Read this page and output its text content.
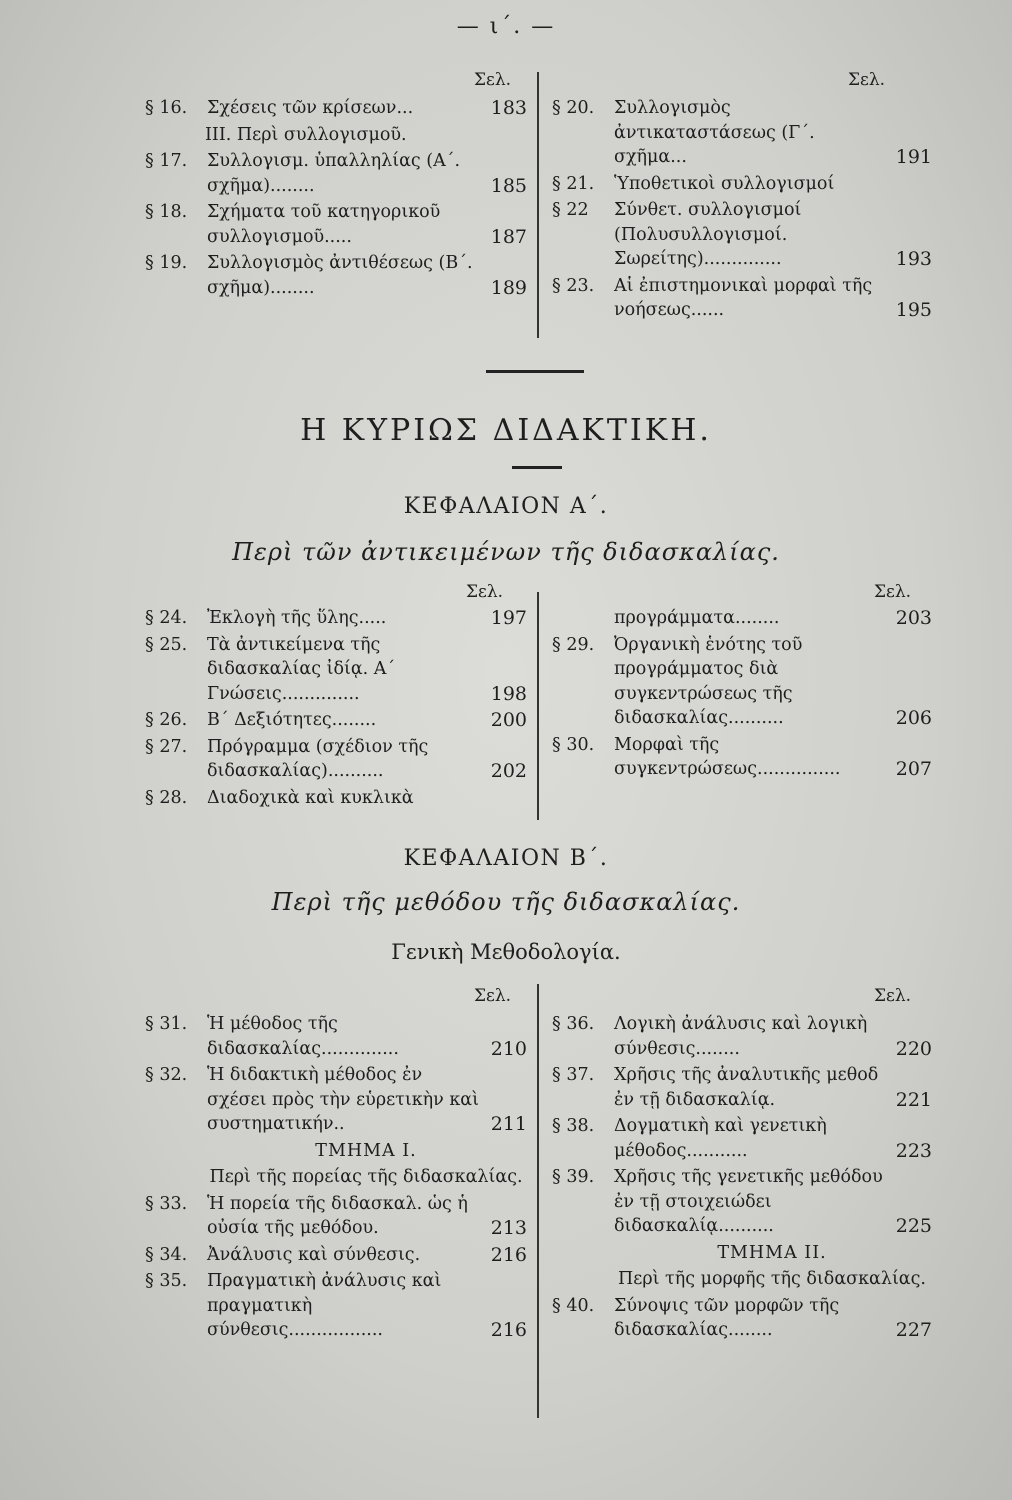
— ι΄. —
Σελ.	Σελ.
§ 16.	Σχέσεις τῶν κρίσεων...	183
III. Περὶ συλλογισμοῦ.
§ 17.	Συλλογισμ. ὑπαλληλίας (Α΄. σχῆμα)........	185
§ 18.	Σχήματα τοῦ κατηγορικοῦ συλλογισμοῦ.....	187
§ 19.	Συλλογισμὸς ἀντιθέσεως (Β΄. σχῆμα)........	189
§ 20.	Συλλογισμὸς ἀντικαταστάσεως (Γ΄. σχῆμα...	191
§ 21.	Ὑποθετικοὶ συλλογισμοί
§ 22	Σύνθετ. συλλογισμοί (Πολυσυλλογισμοί. Σωρείτης)..............	193
§ 23.	Αἱ ἐπιστημονικαὶ μορφαὶ τῆς νοήσεως......	195
Η ΚΥΡΙΩΣ ΔΙΔΑΚΤΙΚΗ.
ΚΕΦΑΛΑΙΟΝ Α΄.
Περὶ τῶν ἀντικειμένων τῆς διδασκαλίας.
Σελ.	Σελ.
§ 24.	Ἐκλογὴ τῆς ὕλης.....	197
§ 25.	Τὰ ἀντικείμενα τῆς διδασκαλίας ἰδίᾳ. Α΄ Γνώσεις..............	198
§ 26.	Β΄ Δεξιότητες........	200
§ 27.	Πρόγραμμα (σχέδιον τῆς διδασκαλίας)..........	202
§ 28.	Διαδοχικὰ καὶ κυκλικὰ
προγράμματα........	203
§ 29.	Ὀργανικὴ ἑνότης τοῦ προγράμματος διὰ συγκεντρώσεως τῆς διδασκαλίας..........	206
§ 30.	Μορφαὶ τῆς συγκεντρώσεως...............	207
ΚΕΦΑΛΑΙΟΝ Β΄.
Περὶ τῆς μεθόδου τῆς διδασκαλίας.
Γενικὴ Μεθοδολογία.
Σελ.	Σελ.
§ 31.	Ἡ μέθοδος τῆς διδασκαλίας..............	210
§ 32.	Ἡ διδακτικὴ μέθοδος ἐν σχέσει πρὸς τὴν εὑρετικὴν καὶ συστηματικήν..	211
ΤΜΗΜΑ Ι.
Περὶ τῆς πορείας τῆς διδασκαλίας.
§ 33.	Ἡ πορεία τῆς διδασκαλ. ὡς ἡ οὐσία τῆς μεθόδου.	213
§ 34.	Ἀνάλυσις καὶ σύνθεσις.	216
§ 35.	Πραγματικὴ ἀνάλυσις καὶ πραγματικὴ σύνθεσις.................	216
§ 36.	Λογικὴ ἀνάλυσις καὶ λογικὴ σύνθεσις........	220
§ 37.	Χρῆσις τῆς ἀναλυτικῆς μεθοδ ἐν τῇ διδασκαλίᾳ.	221
§ 38.	Δογματικὴ καὶ γενετικὴ μέθοδος...........	223
§ 39.	Χρῆσις τῆς γενετικῆς μεθόδου ἐν τῇ στοιχειώδει διδασκαλίᾳ..........	225
ΤΜΗΜΑ ΙΙ.
Περὶ τῆς μορφῆς τῆς διδασκαλίας.
§ 40.	Σύνοψις τῶν μορφῶν τῆς διδασκαλίας........	227
